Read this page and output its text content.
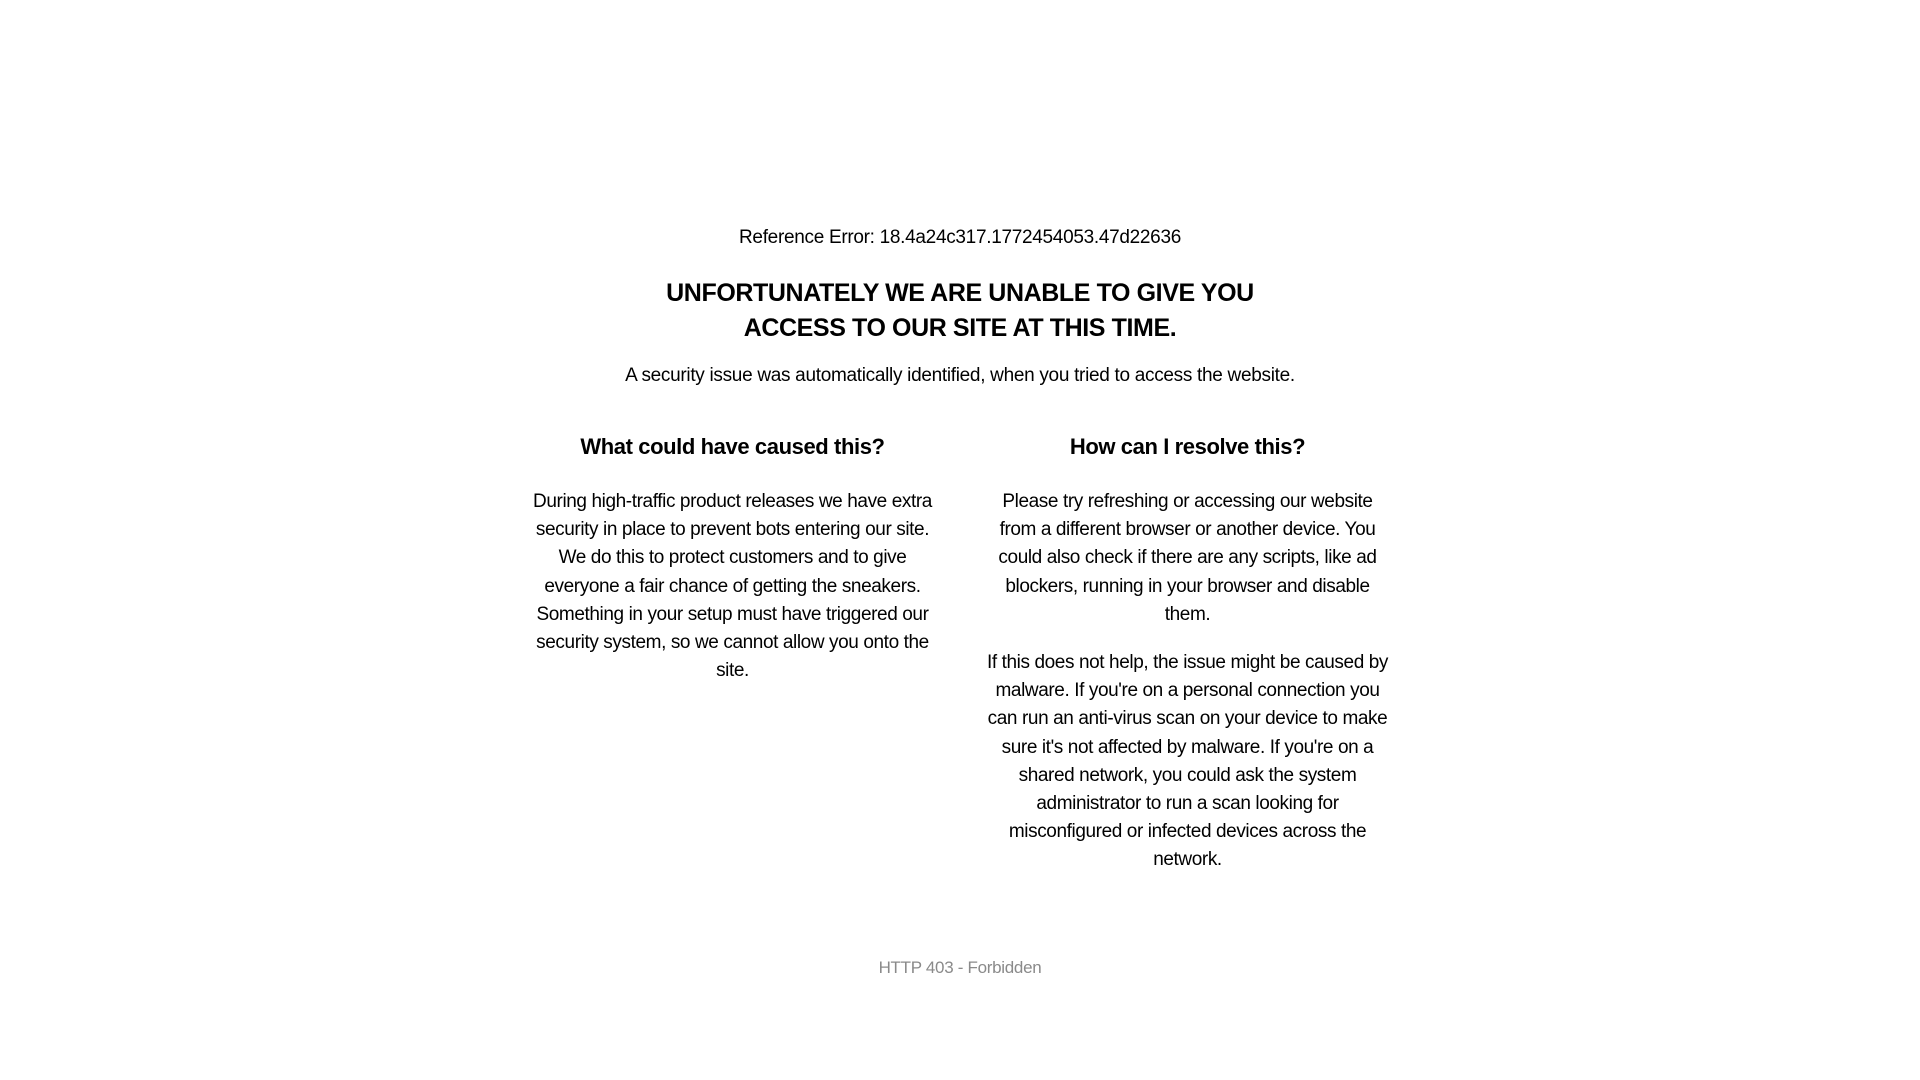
Reference Error: 18.4a24c317.1772454053.47d22636
UNFORTUNATELY WE ARE UNABLE TO GIVE YOU
ACCESS TO OUR SITE AT THIS TIME.
A security issue was automatically identified, when you tried to access the website.
What could have caused this?

During high-traffic product releases we have extra security in place to prevent bots entering our site. We do this to protect customers and to give everyone a fair chance of getting the sneakers. Something in your setup must have triggered our security system, so we cannot allow you onto the site.

How can I resolve this?

Please try refreshing or accessing our website from a different browser or another device. You could also check if there are any scripts, like ad blockers, running in your browser and disable them.

If this does not help, the issue might be caused by malware. If you're on a personal connection you can run an anti-virus scan on your device to make sure it's not affected by malware. If you're on a shared network, you could ask the system administrator to run a scan looking for misconfigured or infected devices across the network.

HTTP 403 - Forbidden
